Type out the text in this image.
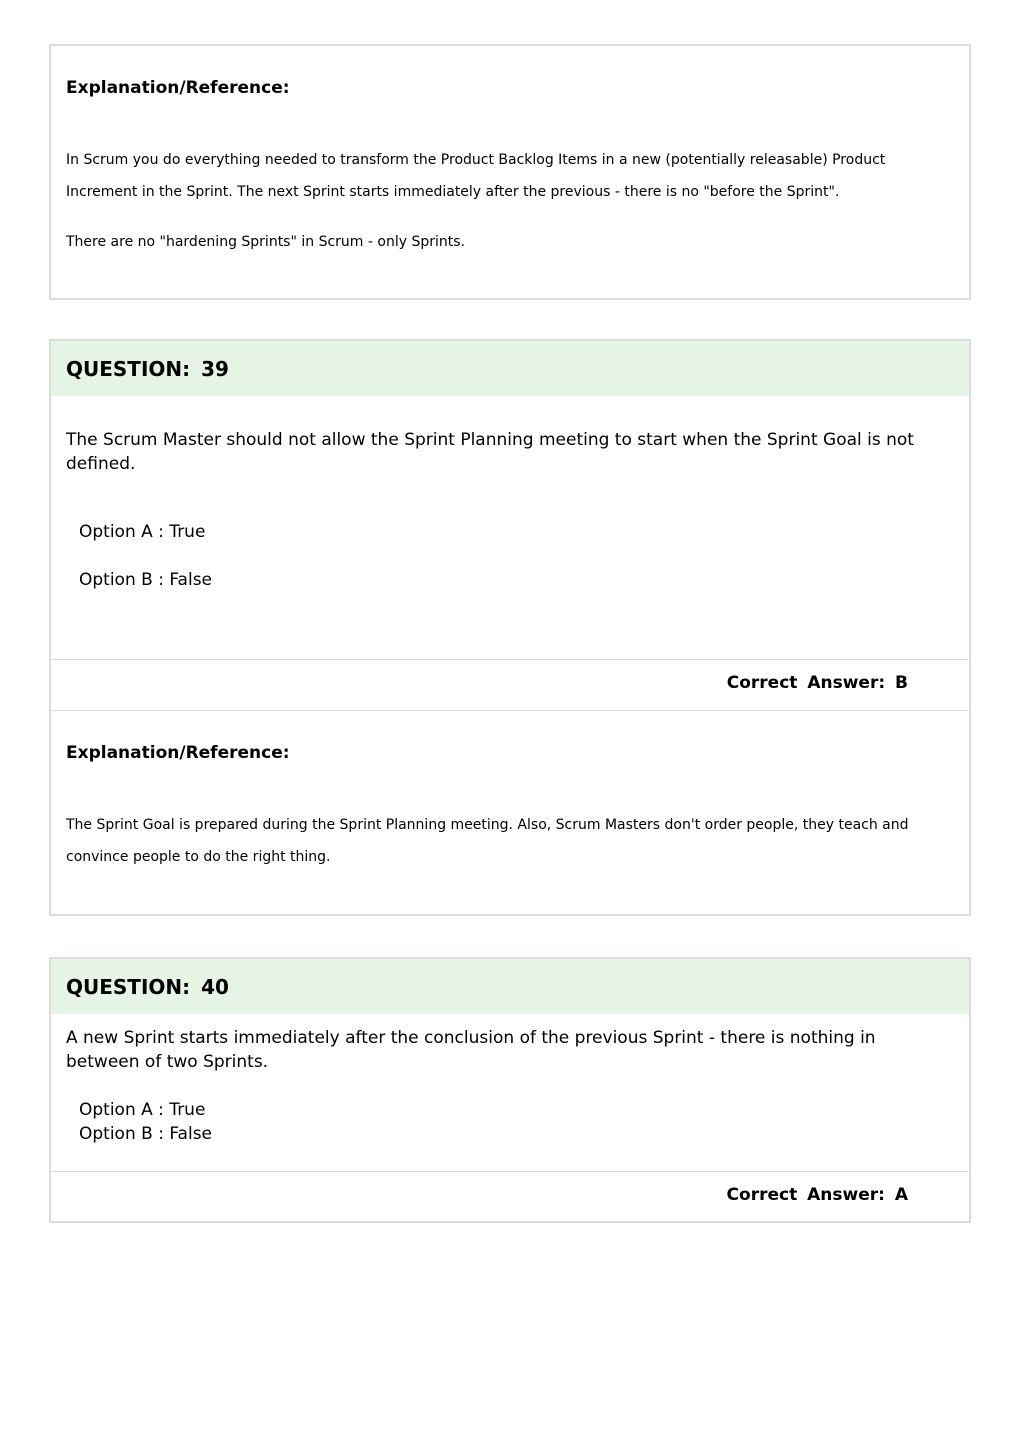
Explanation/Reference:

In Scrum you do everything needed to transform the Product Backlog Items in a new (potentially releasable) Product Increment in the Sprint. The next Sprint starts immediately after the previous - there is no "before the Sprint".

There are no "hardening Sprints" in Scrum - only Sprints.

QUESTION: 39

The Scrum Master should not allow the Sprint Planning meeting to start when the Sprint Goal is not defined.

Option A : True
Option B : False
Correct Answer: B
Explanation/Reference:

The Sprint Goal is prepared during the Sprint Planning meeting. Also, Scrum Masters don't order people, they teach and convince people to do the right thing.

QUESTION: 40

A new Sprint starts immediately after the conclusion of the previous Sprint - there is nothing in between of two Sprints.

Option A : True
Option B : False
Correct Answer: A
